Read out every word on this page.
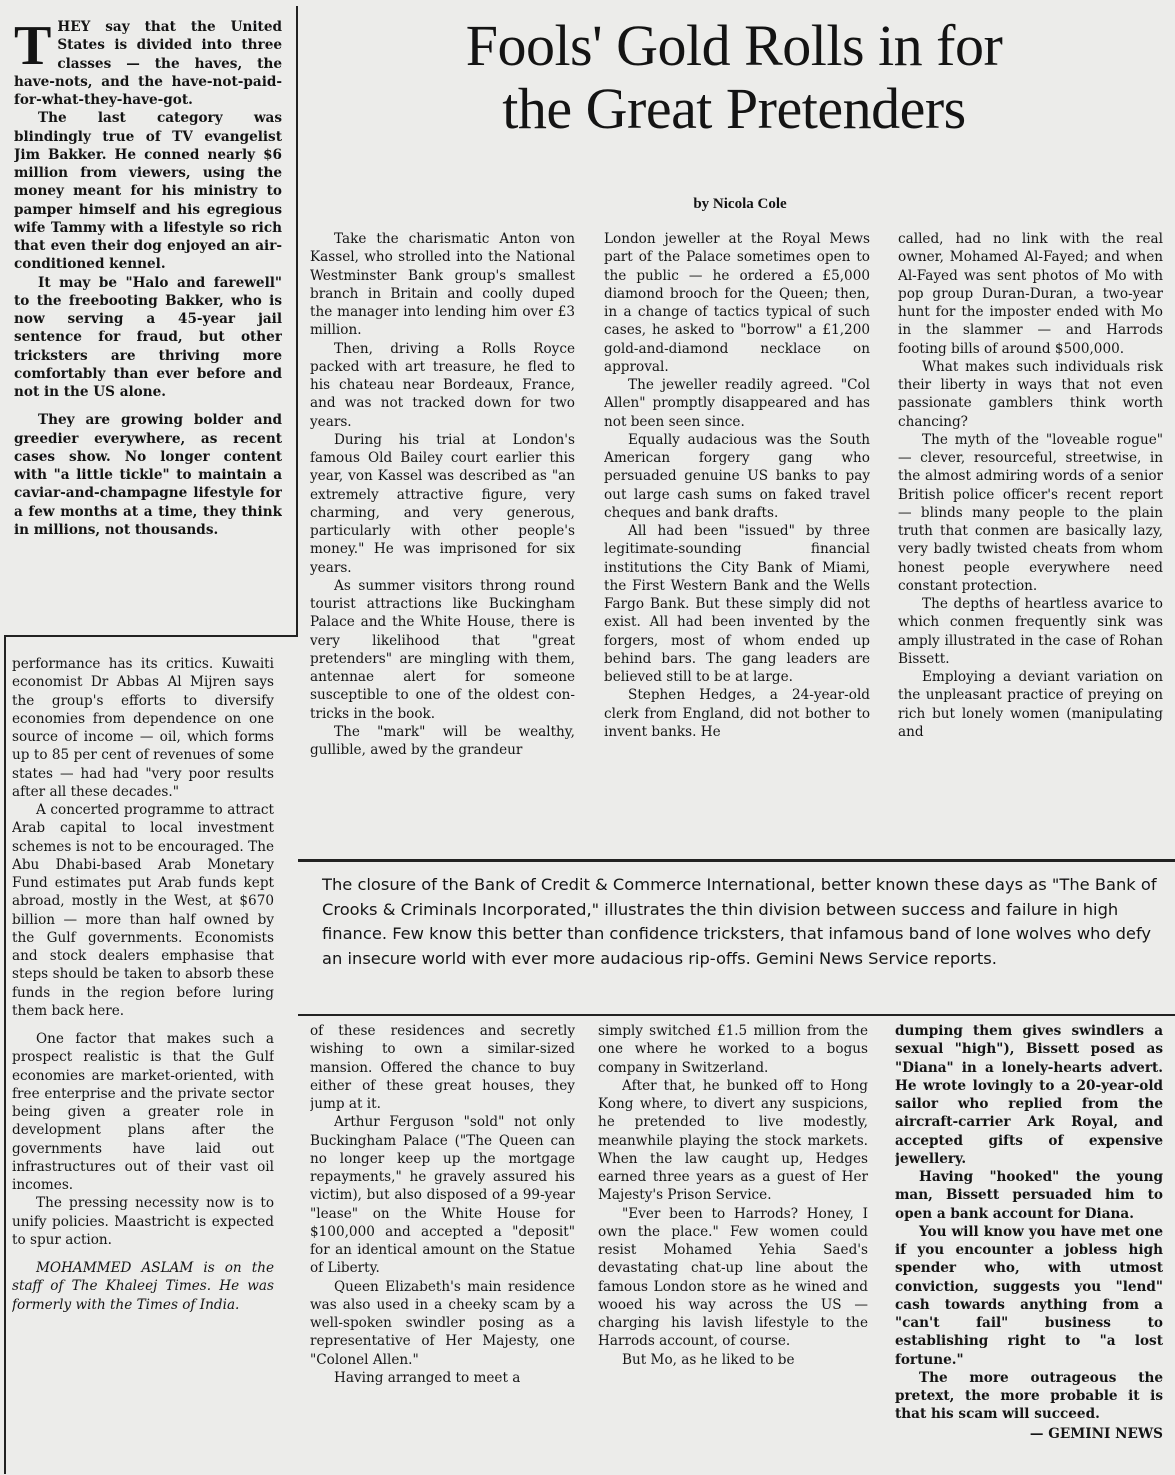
THEY say that the United States is divided into three classes — the haves, the have-nots, and the have-not-paid-for-what-they-have-got.

The last category was blindingly true of TV evangelist Jim Bakker. He conned nearly $6 million from viewers, using the money meant for his ministry to pamper himself and his egregious wife Tammy with a lifestyle so rich that even their dog enjoyed an air-conditioned kennel.

It may be "Halo and farewell" to the freebooting Bakker, who is now serving a 45-year jail sentence for fraud, but other tricksters are thriving more comfortably than ever before and not in the US alone.

They are growing bolder and greedier everywhere, as recent cases show. No longer content with "a little tickle" to maintain a caviar-and-champagne lifestyle for a few months at a time, they think in millions, not thousands.

Fools' Gold Rolls in for
the Great Pretenders
by Nicola Cole

Take the charismatic Anton von Kassel, who strolled into the National Westminster Bank group's smallest branch in Britain and coolly duped the manager into lending him over £3 million.

Then, driving a Rolls Royce packed with art treasure, he fled to his chateau near Bordeaux, France, and was not tracked down for two years.

During his trial at London's famous Old Bailey court earlier this year, von Kassel was described as "an extremely attractive figure, very charming, and very generous, particularly with other people's money." He was imprisoned for six years.

As summer visitors throng round tourist attractions like Buckingham Palace and the White House, there is very likelihood that "great pretenders" are mingling with them, antennae alert for someone susceptible to one of the oldest con-tricks in the book.

The "mark" will be wealthy, gullible, awed by the grandeur

London jeweller at the Royal Mews part of the Palace sometimes open to the public — he ordered a £5,000 diamond brooch for the Queen; then, in a change of tactics typical of such cases, he asked to "borrow" a £1,200 gold-and-diamond necklace on approval.

The jeweller readily agreed. "Col Allen" promptly disappeared and has not been seen since.

Equally audacious was the South American forgery gang who persuaded genuine US banks to pay out large cash sums on faked travel cheques and bank drafts.

All had been "issued" by three legitimate-sounding financial institutions the City Bank of Miami, the First Western Bank and the Wells Fargo Bank. But these simply did not exist. All had been invented by the forgers, most of whom ended up behind bars. The gang leaders are believed still to be at large.

Stephen Hedges, a 24-year-old clerk from England, did not bother to invent banks. He

called, had no link with the real owner, Mohamed Al-Fayed; and when Al-Fayed was sent photos of Mo with pop group Duran-Duran, a two-year hunt for the imposter ended with Mo in the slammer — and Harrods footing bills of around $500,000.

What makes such individuals risk their liberty in ways that not even passionate gamblers think worth chancing?

The myth of the "loveable rogue" — clever, resourceful, streetwise, in the almost admiring words of a senior British police officer's recent report — blinds many people to the plain truth that conmen are basically lazy, very badly twisted cheats from whom honest people everywhere need constant protection.

The depths of heartless avarice to which conmen frequently sink was amply illustrated in the case of Rohan Bissett.

Employing a deviant variation on the unpleasant practice of preying on rich but lonely women (manipulating and

The closure of the Bank of Credit & Commerce International, better known these days as "The Bank of Crooks & Criminals Incorporated," illustrates the thin division between success and failure in high finance. Few know this better than confidence tricksters, that infamous band of lone wolves who defy an insecure world with ever more audacious rip-offs. Gemini News Service reports.

of these residences and secretly wishing to own a similar-sized mansion. Offered the chance to buy either of these great houses, they jump at it.

Arthur Ferguson "sold" not only Buckingham Palace ("The Queen can no longer keep up the mortgage repayments," he gravely assured his victim), but also disposed of a 99-year "lease" on the White House for $100,000 and accepted a "deposit" for an identical amount on the Statue of Liberty.

Queen Elizabeth's main residence was also used in a cheeky scam by a well-spoken swindler posing as a representative of Her Majesty, one "Colonel Allen."

Having arranged to meet a

simply switched £1.5 million from the one where he worked to a bogus company in Switzerland.

After that, he bunked off to Hong Kong where, to divert any suspicions, he pretended to live modestly, meanwhile playing the stock markets. When the law caught up, Hedges earned three years as a guest of Her Majesty's Prison Service.

"Ever been to Harrods? Honey, I own the place." Few women could resist Mohamed Yehia Saed's devastating chat-up line about the famous London store as he wined and wooed his way across the US — charging his lavish lifestyle to the Harrods account, of course.

But Mo, as he liked to be

dumping them gives swindlers a sexual "high"), Bissett posed as "Diana" in a lonely-hearts advert. He wrote lovingly to a 20-year-old sailor who replied from the aircraft-carrier Ark Royal, and accepted gifts of expensive jewellery.

Having "hooked" the young man, Bissett persuaded him to open a bank account for Diana.

You will know you have met one if you encounter a jobless high spender who, with utmost conviction, suggests you "lend" cash towards anything from a "can't fail" business to establishing right to "a lost fortune."

The more outrageous the pretext, the more probable it is that his scam will succeed.

— GEMINI NEWS

performance has its critics. Kuwaiti economist Dr Abbas Al Mijren says the group's efforts to diversify economies from dependence on one source of income — oil, which forms up to 85 per cent of revenues of some states — had had "very poor results after all these decades."

A concerted programme to attract Arab capital to local investment schemes is not to be encouraged. The Abu Dhabi-based Arab Monetary Fund estimates put Arab funds kept abroad, mostly in the West, at $670 billion — more than half owned by the Gulf governments. Economists and stock dealers emphasise that steps should be taken to absorb these funds in the region before luring them back here.

One factor that makes such a prospect realistic is that the Gulf economies are market-oriented, with free enterprise and the private sector being given a greater role in development plans after the governments have laid out infrastructures out of their vast oil incomes.

The pressing necessity now is to unify policies. Maastricht is expected to spur action.

MOHAMMED ASLAM is on the staff of The Khaleej Times. He was formerly with the Times of India.
